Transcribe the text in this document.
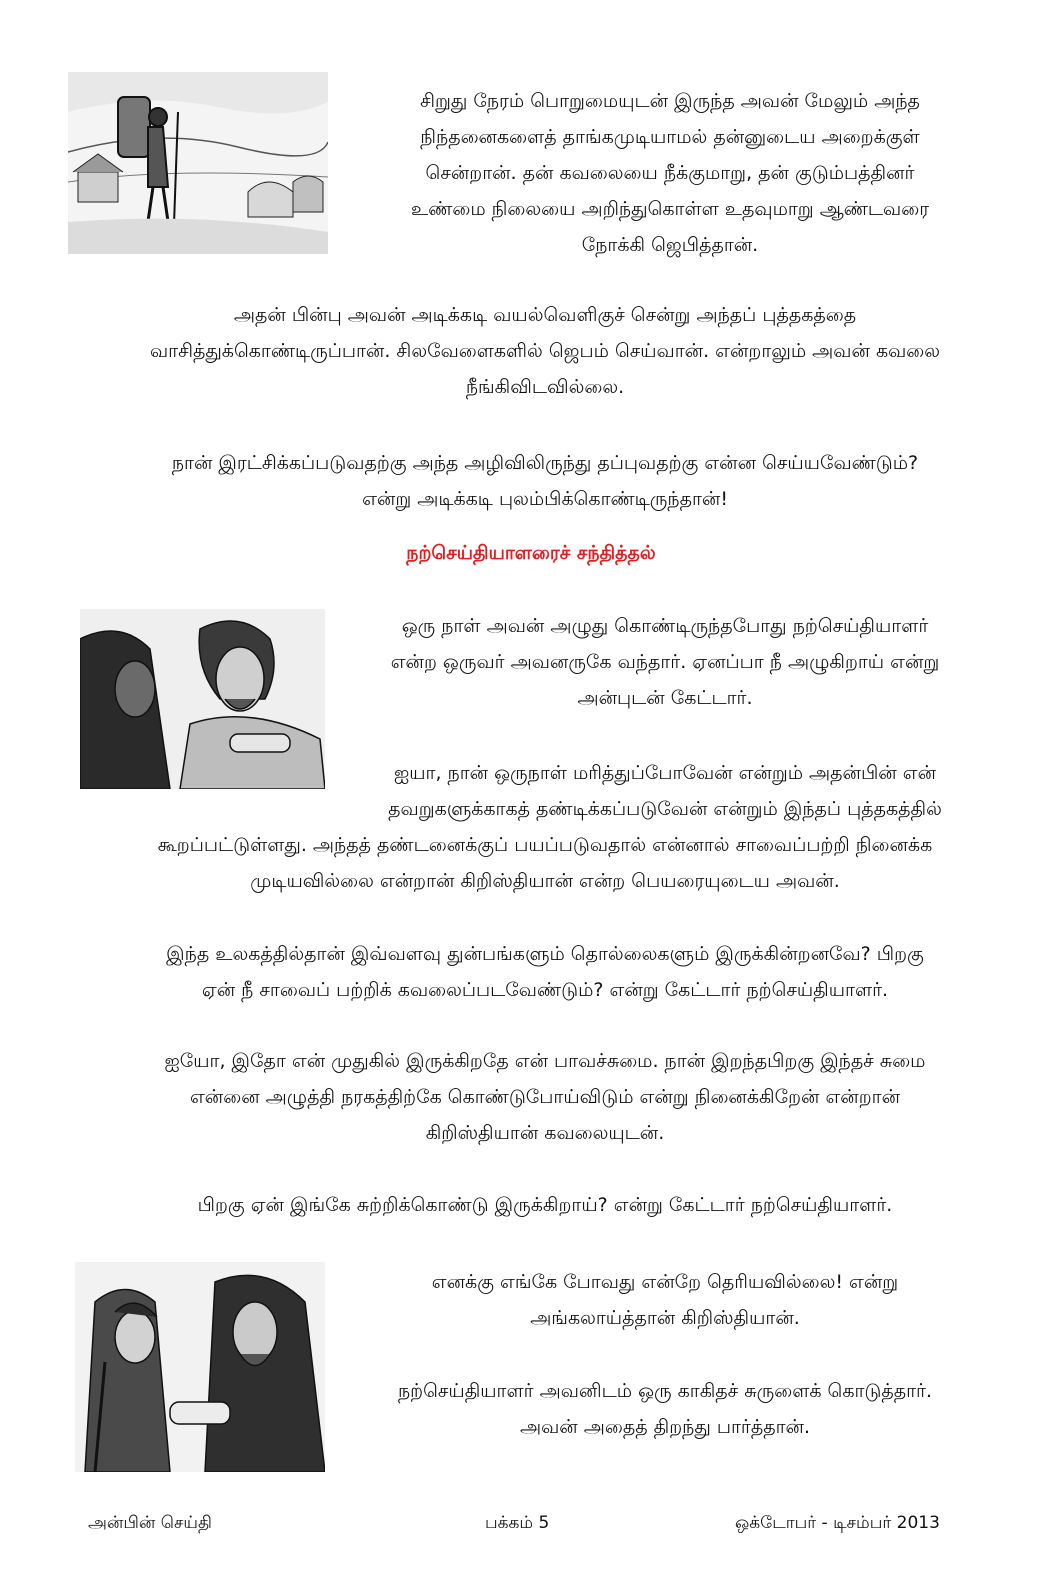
சிறுது நேரம் பொறுமையுடன் இருந்த அவன் மேலும் அந்த
நிந்தனைகளைத் தாங்கமுடியாமல் தன்னுடைய அறைக்குள்
சென்றான். தன் கவலையை நீக்குமாறு, தன் குடும்பத்தினர்
உண்மை நிலையை அறிந்துகொள்ள உதவுமாறு ஆண்டவரை
நோக்கி ஜெபித்தான்.

அதன் பின்பு அவன் அடிக்கடி வயல்வெளிகுச் சென்று அந்தப் புத்தகத்தை
வாசித்துக்கொண்டிருப்பான். சிலவேளைகளில் ஜெபம் செய்வான். என்றாலும் அவன் கவலை
நீங்கிவிடவில்லை.

நான் இரட்சிக்கப்படுவதற்கு அந்த அழிவிலிருந்து தப்புவதற்கு என்ன செய்யவேண்டும்?
என்று அடிக்கடி புலம்பிக்கொண்டிருந்தான்!

நற்செய்தியாளரைச் சந்தித்தல்

ஒரு நாள் அவன் அழுது கொண்டிருந்தபோது நற்செய்தியாளர்
என்ற ஒருவர் அவனருகே வந்தார். ஏனப்பா நீ அழுகிறாய் என்று
அன்புடன் கேட்டார்.

ஐயா, நான் ஒருநாள் மரித்துப்போவேன் என்றும் அதன்பின் என்
தவறுகளுக்காகத் தண்டிக்கப்படுவேன் என்றும் இந்தப் புத்தகத்தில்

கூறப்பட்டுள்ளது. அந்தத் தண்டனைக்குப் பயப்படுவதால் என்னால் சாவைப்பற்றி நினைக்க
முடியவில்லை என்றான் கிறிஸ்தியான் என்ற பெயரையுடைய அவன்.

இந்த உலகத்தில்தான் இவ்வளவு துன்பங்களும் தொல்லைகளும் இருக்கின்றனவே? பிறகு
ஏன் நீ சாவைப் பற்றிக் கவலைப்படவேண்டும்? என்று கேட்டார் நற்செய்தியாளர்.

ஐயோ, இதோ என் முதுகில் இருக்கிறதே என் பாவச்சுமை. நான் இறந்தபிறகு இந்தச் சுமை
என்னை அழுத்தி நரகத்திற்கே கொண்டுபோய்விடும் என்று நினைக்கிறேன் என்றான்
கிறிஸ்தியான் கவலையுடன்.

பிறகு ஏன் இங்கே சுற்றிக்கொண்டு இருக்கிறாய்? என்று கேட்டார் நற்செய்தியாளர்.

எனக்கு எங்கே போவது என்றே தெரியவில்லை! என்று
அங்கலாய்த்தான் கிறிஸ்தியான்.

நற்செய்தியாளர் அவனிடம் ஒரு காகிதச் சுருளைக் கொடுத்தார்.
அவன் அதைத் திறந்து பார்த்தான்.

அன்பின் செய்தி	பக்கம் 5	ஒக்டோபர் - டிசம்பர் 2013
